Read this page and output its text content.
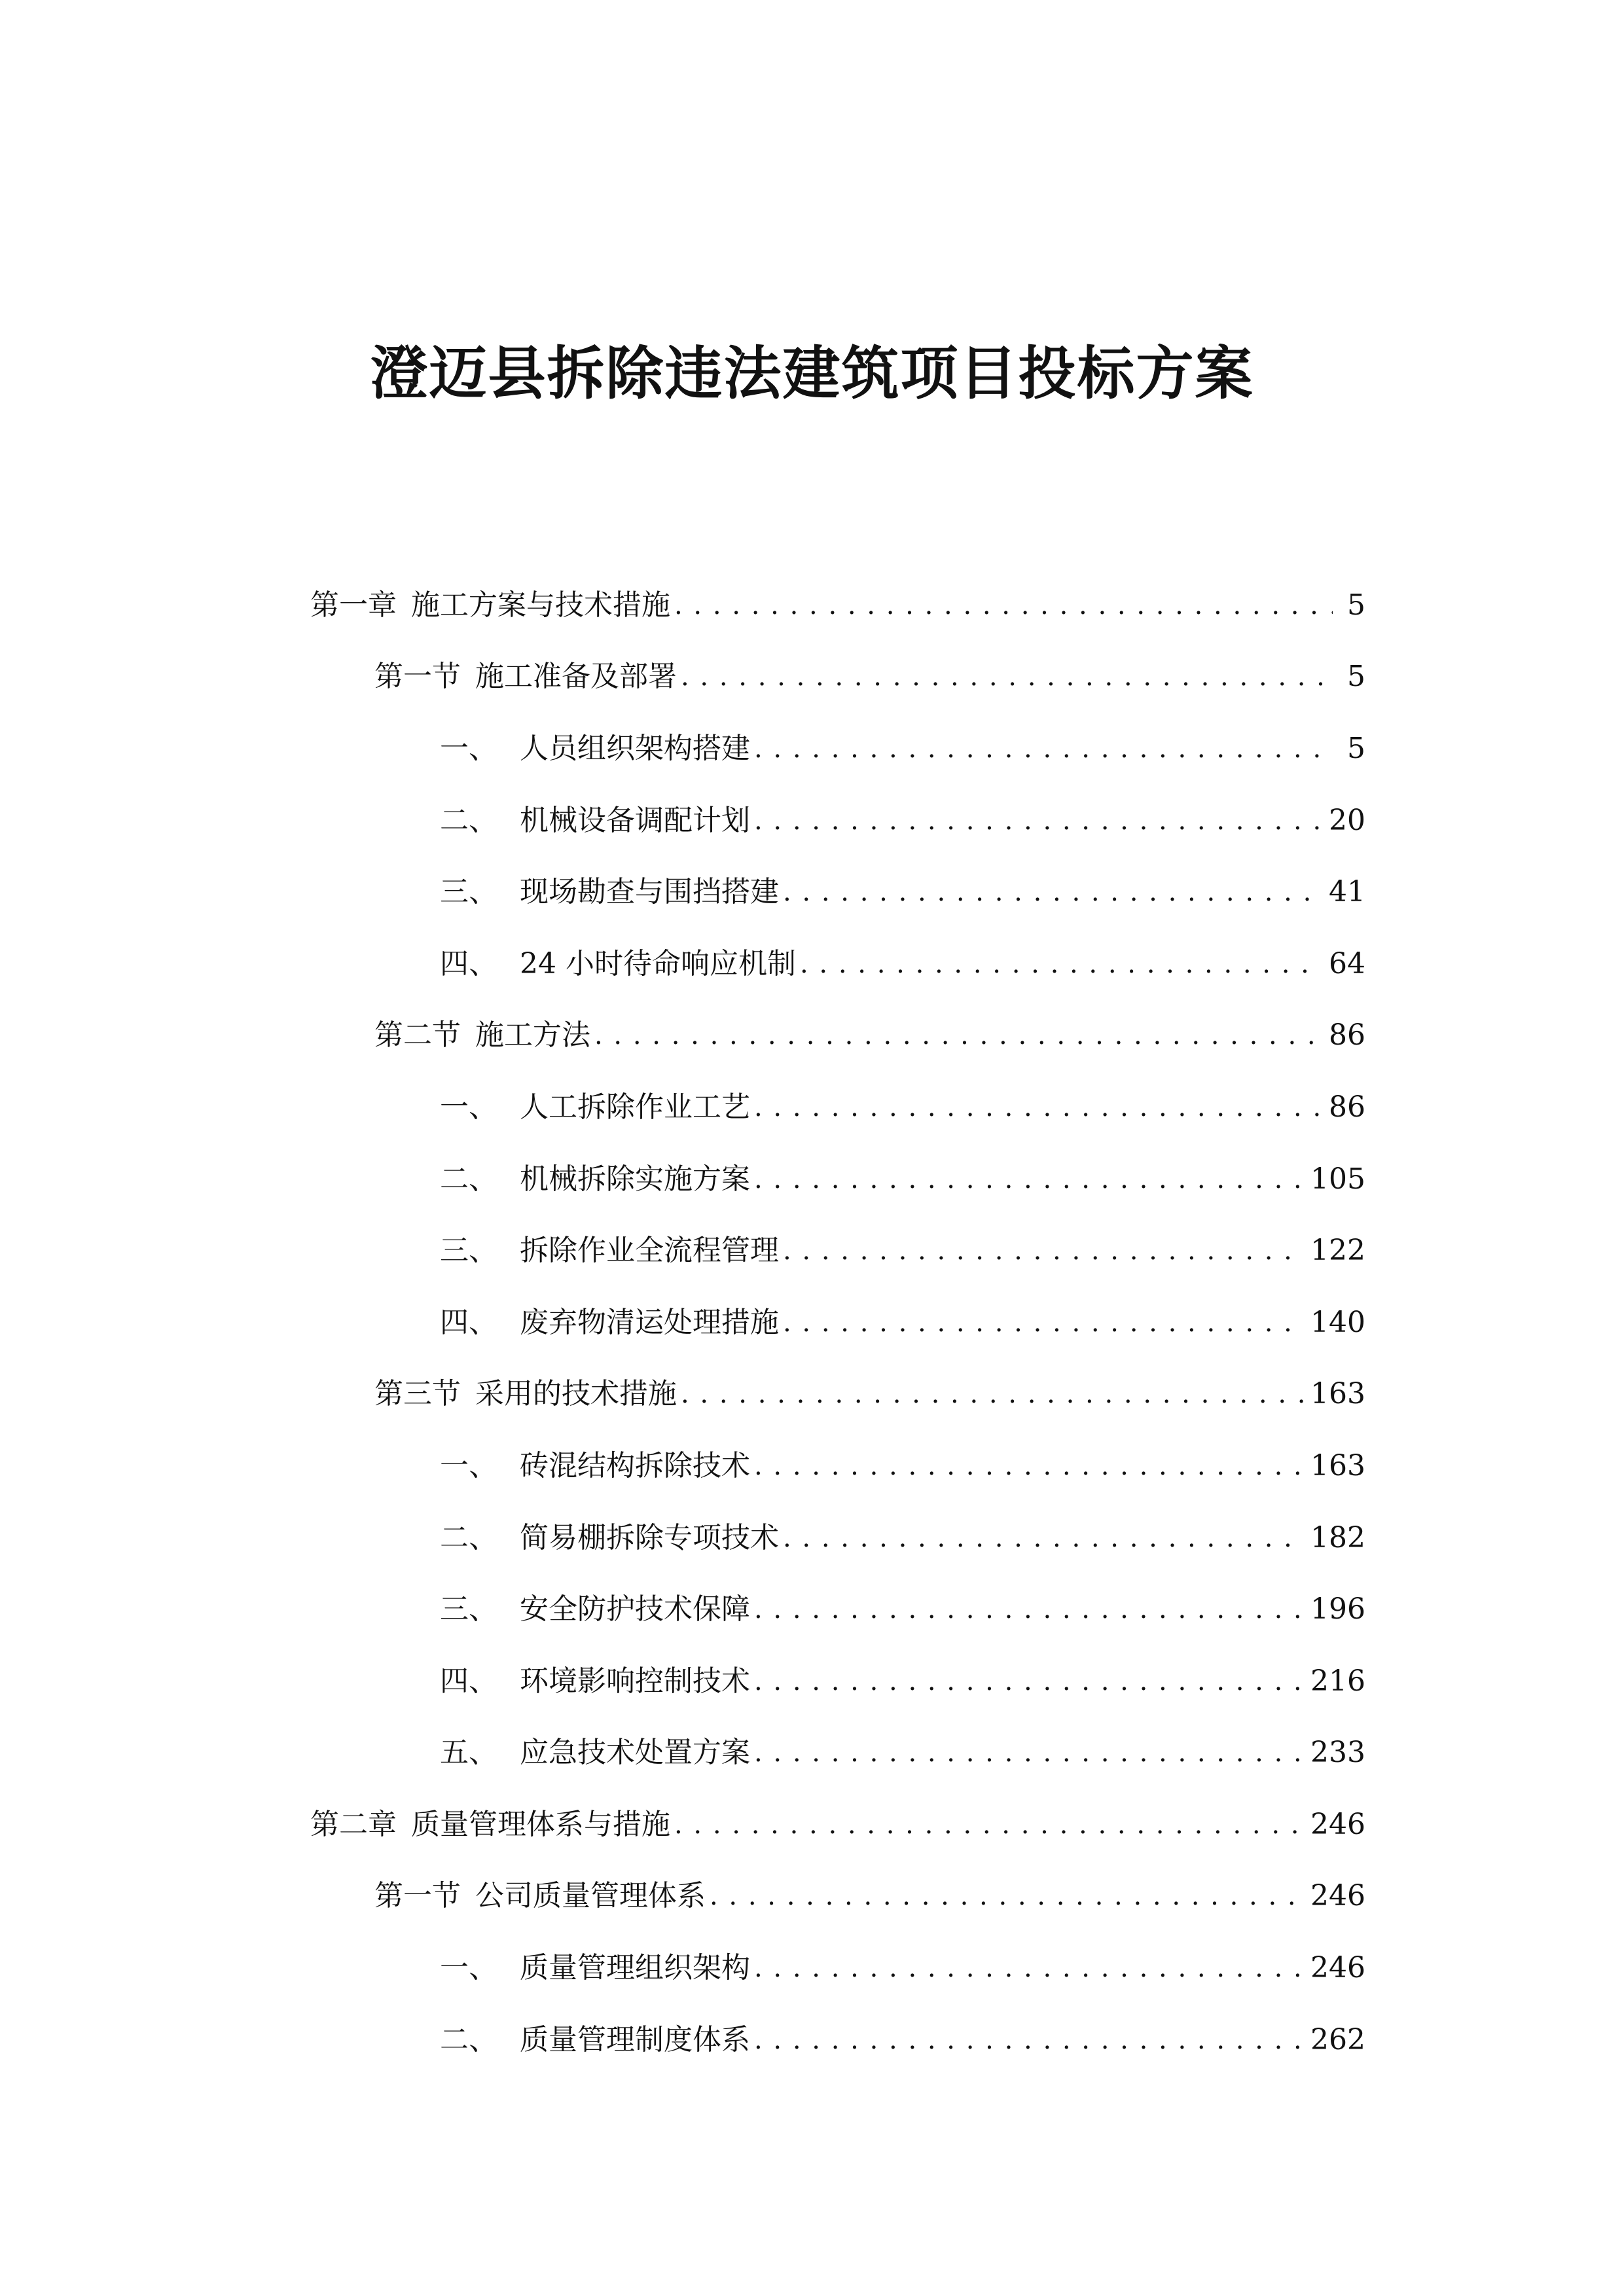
澄迈县拆除违法建筑项目投标方案
第一章 施工方案与技术措施 . . .	5
第一节 施工准备及部署 . . .	5
一、 人员组织架构搭建 . . .	5
二、 机械设备调配计划 . . .	20
三、 现场勘查与围挡搭建 . . .	41
四、 24 小时待命响应机制 . . .	64
第二节 施工方法 . . .	86
一、 人工拆除作业工艺 . . .	86
二、 机械拆除实施方案 . . .	105
三、 拆除作业全流程管理 . . .	122
四、 废弃物清运处理措施 . . .	140
第三节 采用的技术措施 . . .	163
一、 砖混结构拆除技术 . . .	163
二、 简易棚拆除专项技术 . . .	182
三、 安全防护技术保障 . . .	196
四、 环境影响控制技术 . . .	216
五、 应急技术处置方案 . . .	233
第二章 质量管理体系与措施 . . .	246
第一节 公司质量管理体系 . . .	246
一、 质量管理组织架构 . . .	246
二、 质量管理制度体系 . . .	262
